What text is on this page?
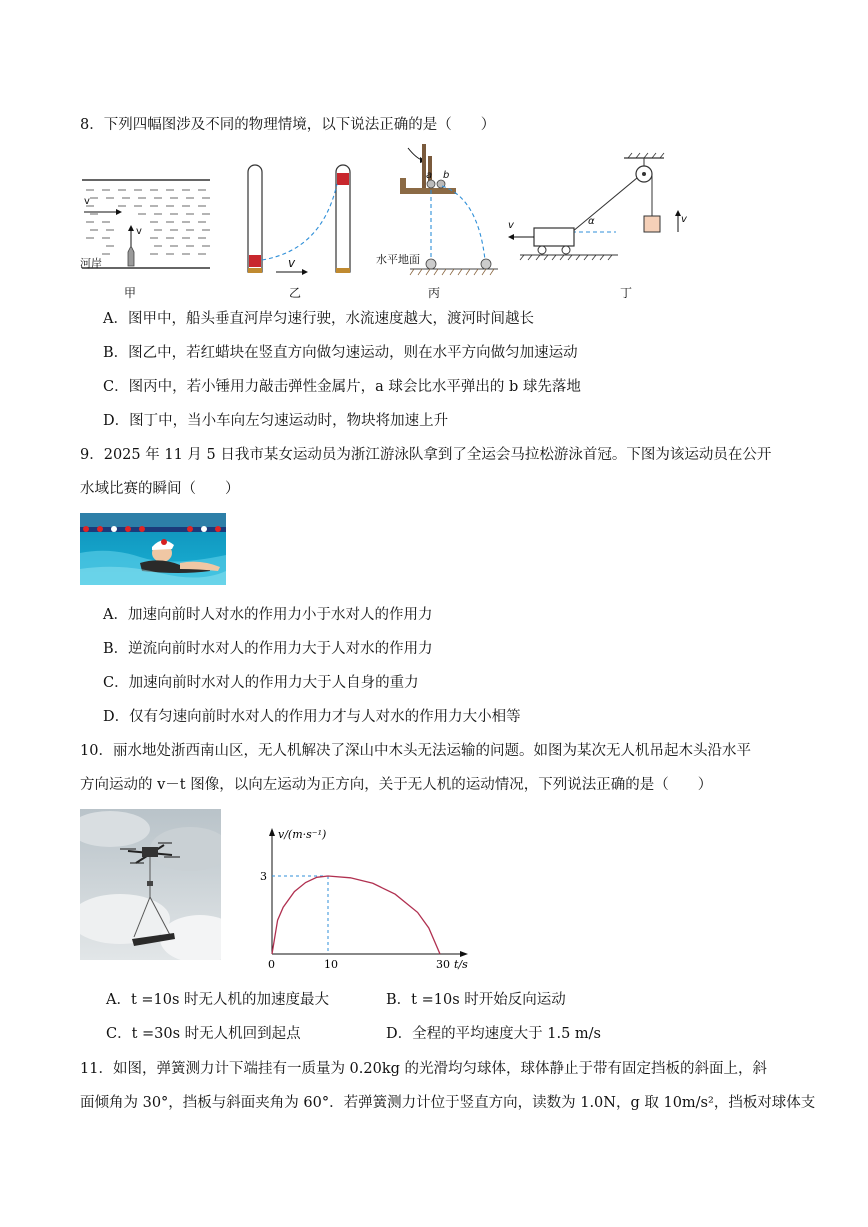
8．下列四幅图涉及不同的物理情境，以下说法正确的是（　　）
v
v
河岸
甲
v
乙
a b
水平地面
丙
v
v
α
丁
A．图甲中，船头垂直河岸匀速行驶，水流速度越大，渡河时间越长
B．图乙中，若红蜡块在竖直方向做匀速运动，则在水平方向做匀加速运动
C．图丙中，若小锤用力敲击弹性金属片，a 球会比水平弹出的 b 球先落地
D．图丁中，当小车向左匀速运动时，物块将加速上升
9．2025 年 11 月 5 日我市某女运动员为浙江游泳队拿到了全运会马拉松游泳首冠。下图为该运动员在公开
水域比赛的瞬间（　　）
A．加速向前时人对水的作用力小于水对人的作用力
B．逆流向前时水对人的作用力大于人对水的作用力
C．加速向前时水对人的作用力大于人自身的重力
D．仅有匀速向前时水对人的作用力才与人对水的作用力大小相等
10．丽水地处浙西南山区，无人机解决了深山中木头无法运输的问题。如图为某次无人机吊起木头沿水平
方向运动的 v－t 图像，以向左运动为正方向，关于无人机的运动情况，下列说法正确的是（　　）
v/(m·s⁻¹)
t/s
0	10	30
3
A．t =10s 时无人机的加速度最大	B．t =10s 时开始反向运动
C．t =30s 时无人机回到起点	D．全程的平均速度大于 1.5 m/s
11．如图，弹簧测力计下端挂有一质量为 0.20kg 的光滑均匀球体，球体静止于带有固定挡板的斜面上，斜
面倾角为 30°，挡板与斜面夹角为 60°．若弹簧测力计位于竖直方向，读数为 1.0N，g 取 10m/s²，挡板对球体支
